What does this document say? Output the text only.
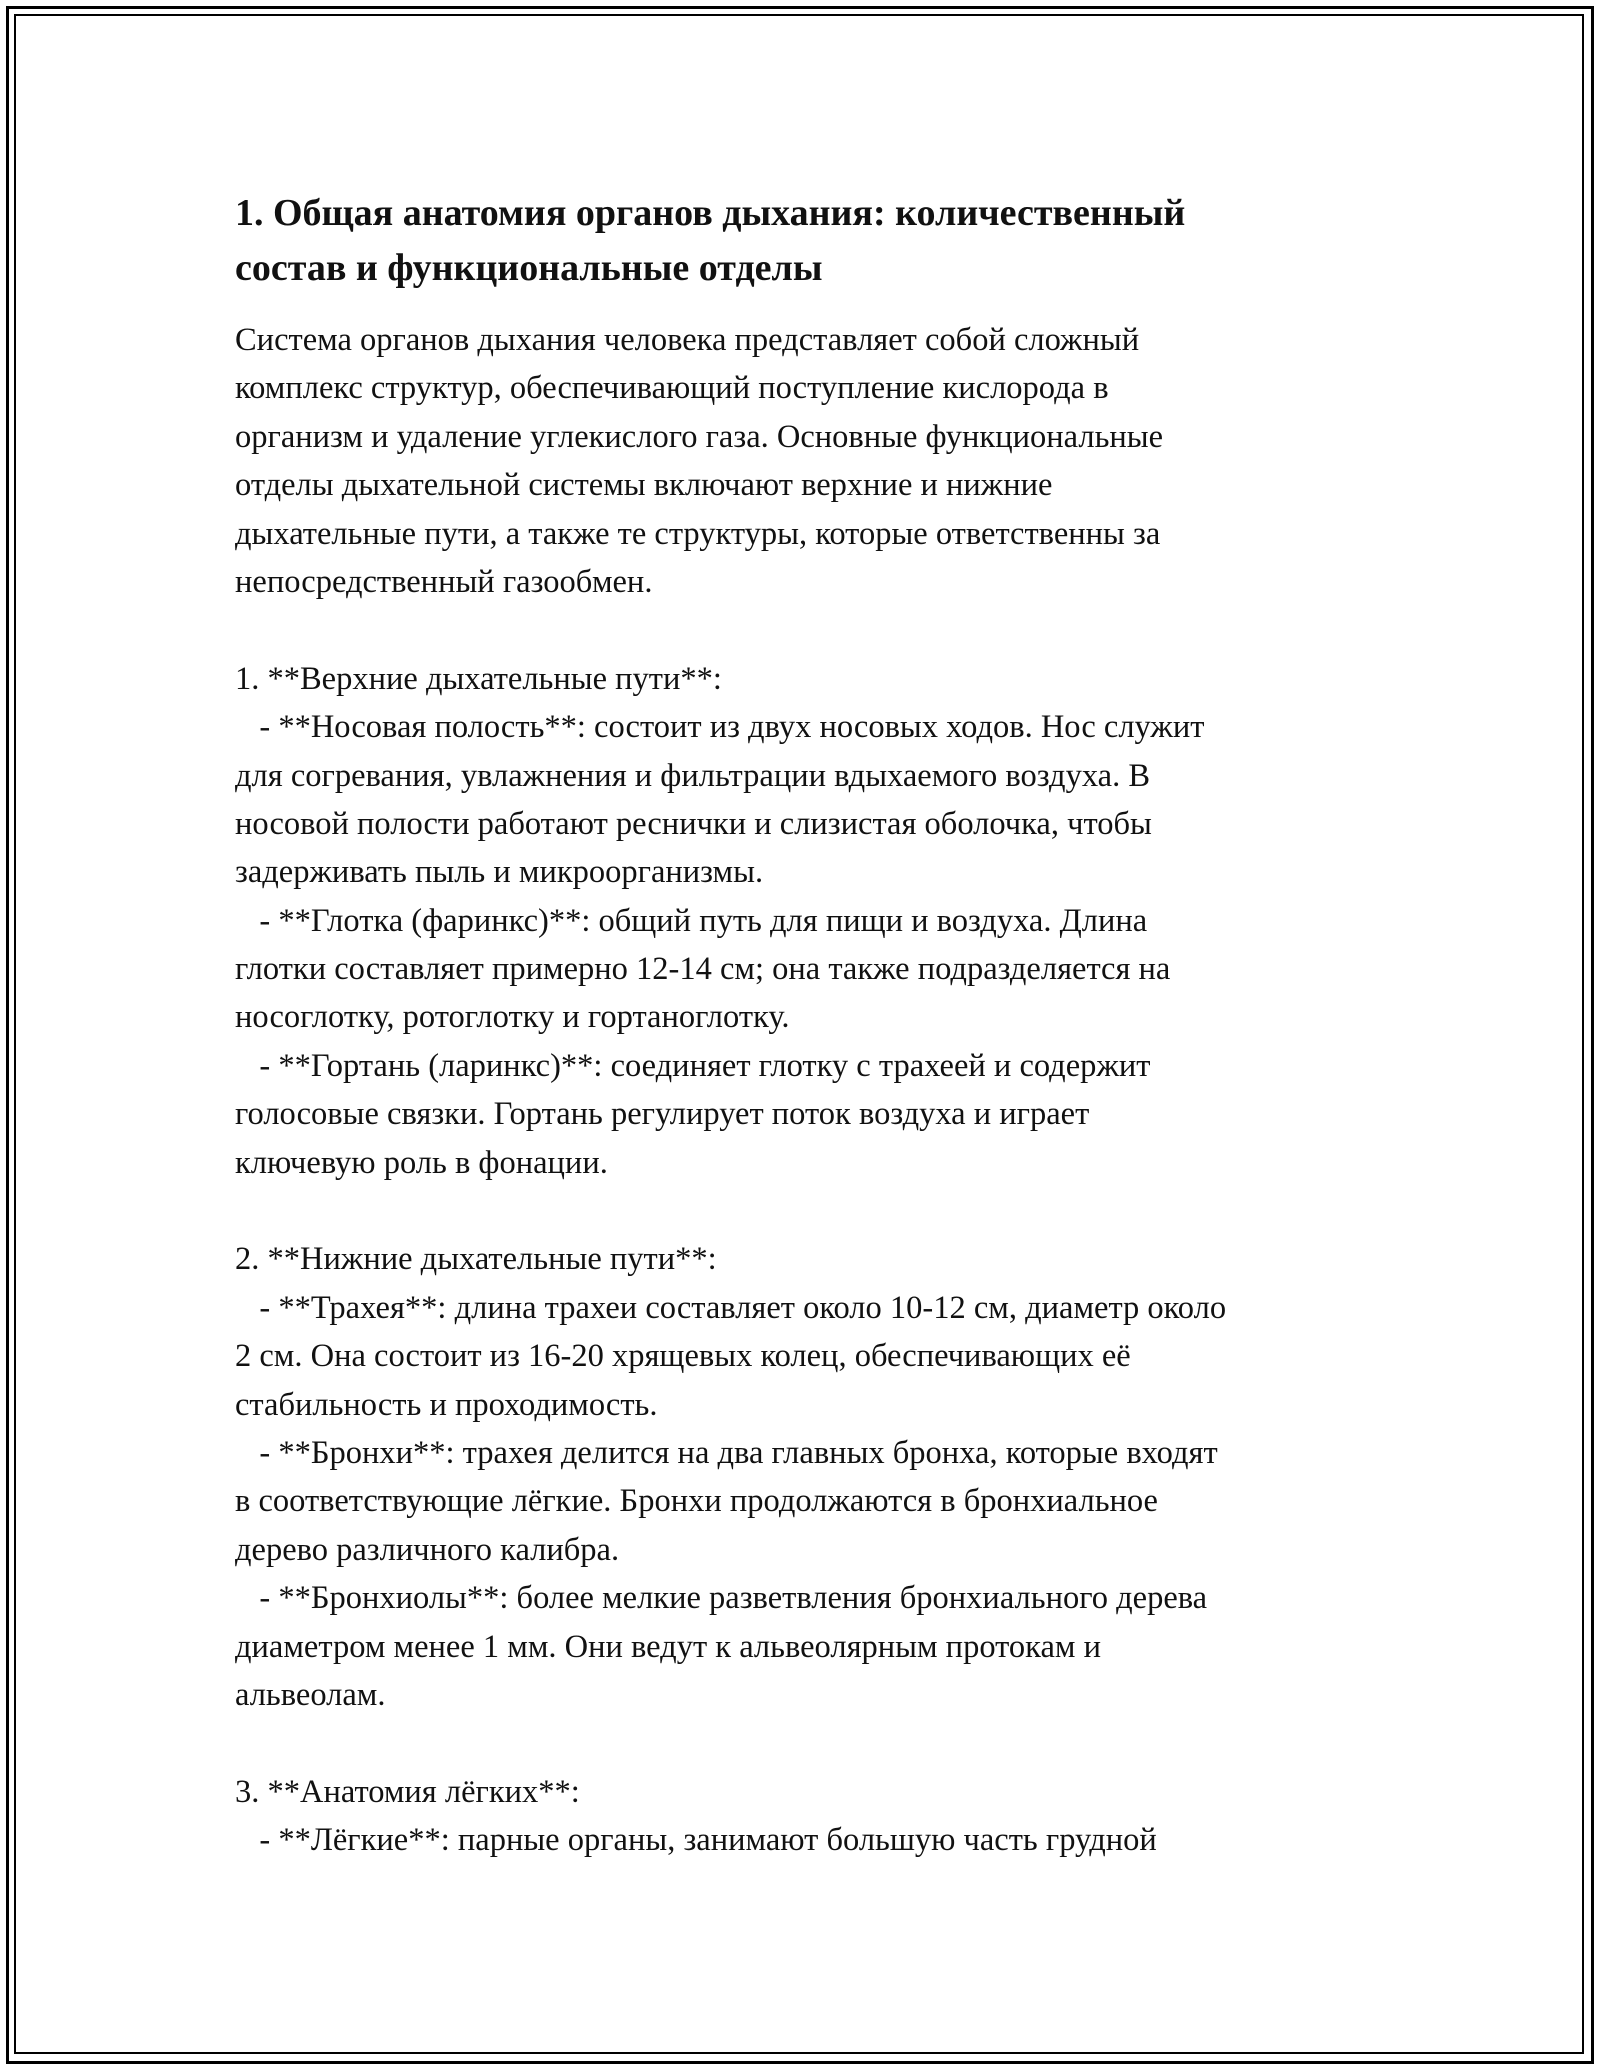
1. Общая анатомия органов дыхания: количественный
состав и функциональные отделы
Система органов дыхания человека представляет собой сложный
комплекс структур, обеспечивающий поступление кислорода в
организм и удаление углекислого газа. Основные функциональные
отделы дыхательной системы включают верхние и нижние
дыхательные пути, а также те структуры, которые ответственны за
непосредственный газообмен.
1. **Верхние дыхательные пути**:
- **Носовая полость**: состоит из двух носовых ходов. Нос служит
для согревания, увлажнения и фильтрации вдыхаемого воздуха. В
носовой полости работают реснички и слизистая оболочка, чтобы
задерживать пыль и микроорганизмы.
- **Глотка (фаринкс)**: общий путь для пищи и воздуха. Длина
глотки составляет примерно 12-14 см; она также подразделяется на
носоглотку, ротоглотку и гортаноглотку.
- **Гортань (ларинкс)**: соединяет глотку с трахеей и содержит
голосовые связки. Гортань регулирует поток воздуха и играет
ключевую роль в фонации.
2. **Нижние дыхательные пути**:
- **Трахея**: длина трахеи составляет около 10-12 см, диаметр около
2 см. Она состоит из 16-20 хрящевых колец, обеспечивающих её
стабильность и проходимость.
- **Бронхи**: трахея делится на два главных бронха, которые входят
в соответствующие лёгкие. Бронхи продолжаются в бронхиальное
дерево различного калибра.
- **Бронхиолы**: более мелкие разветвления бронхиального дерева
диаметром менее 1 мм. Они ведут к альвеолярным протокам и
альвеолам.
3. **Анатомия лёгких**:
- **Лёгкие**: парные органы, занимают большую часть грудной
